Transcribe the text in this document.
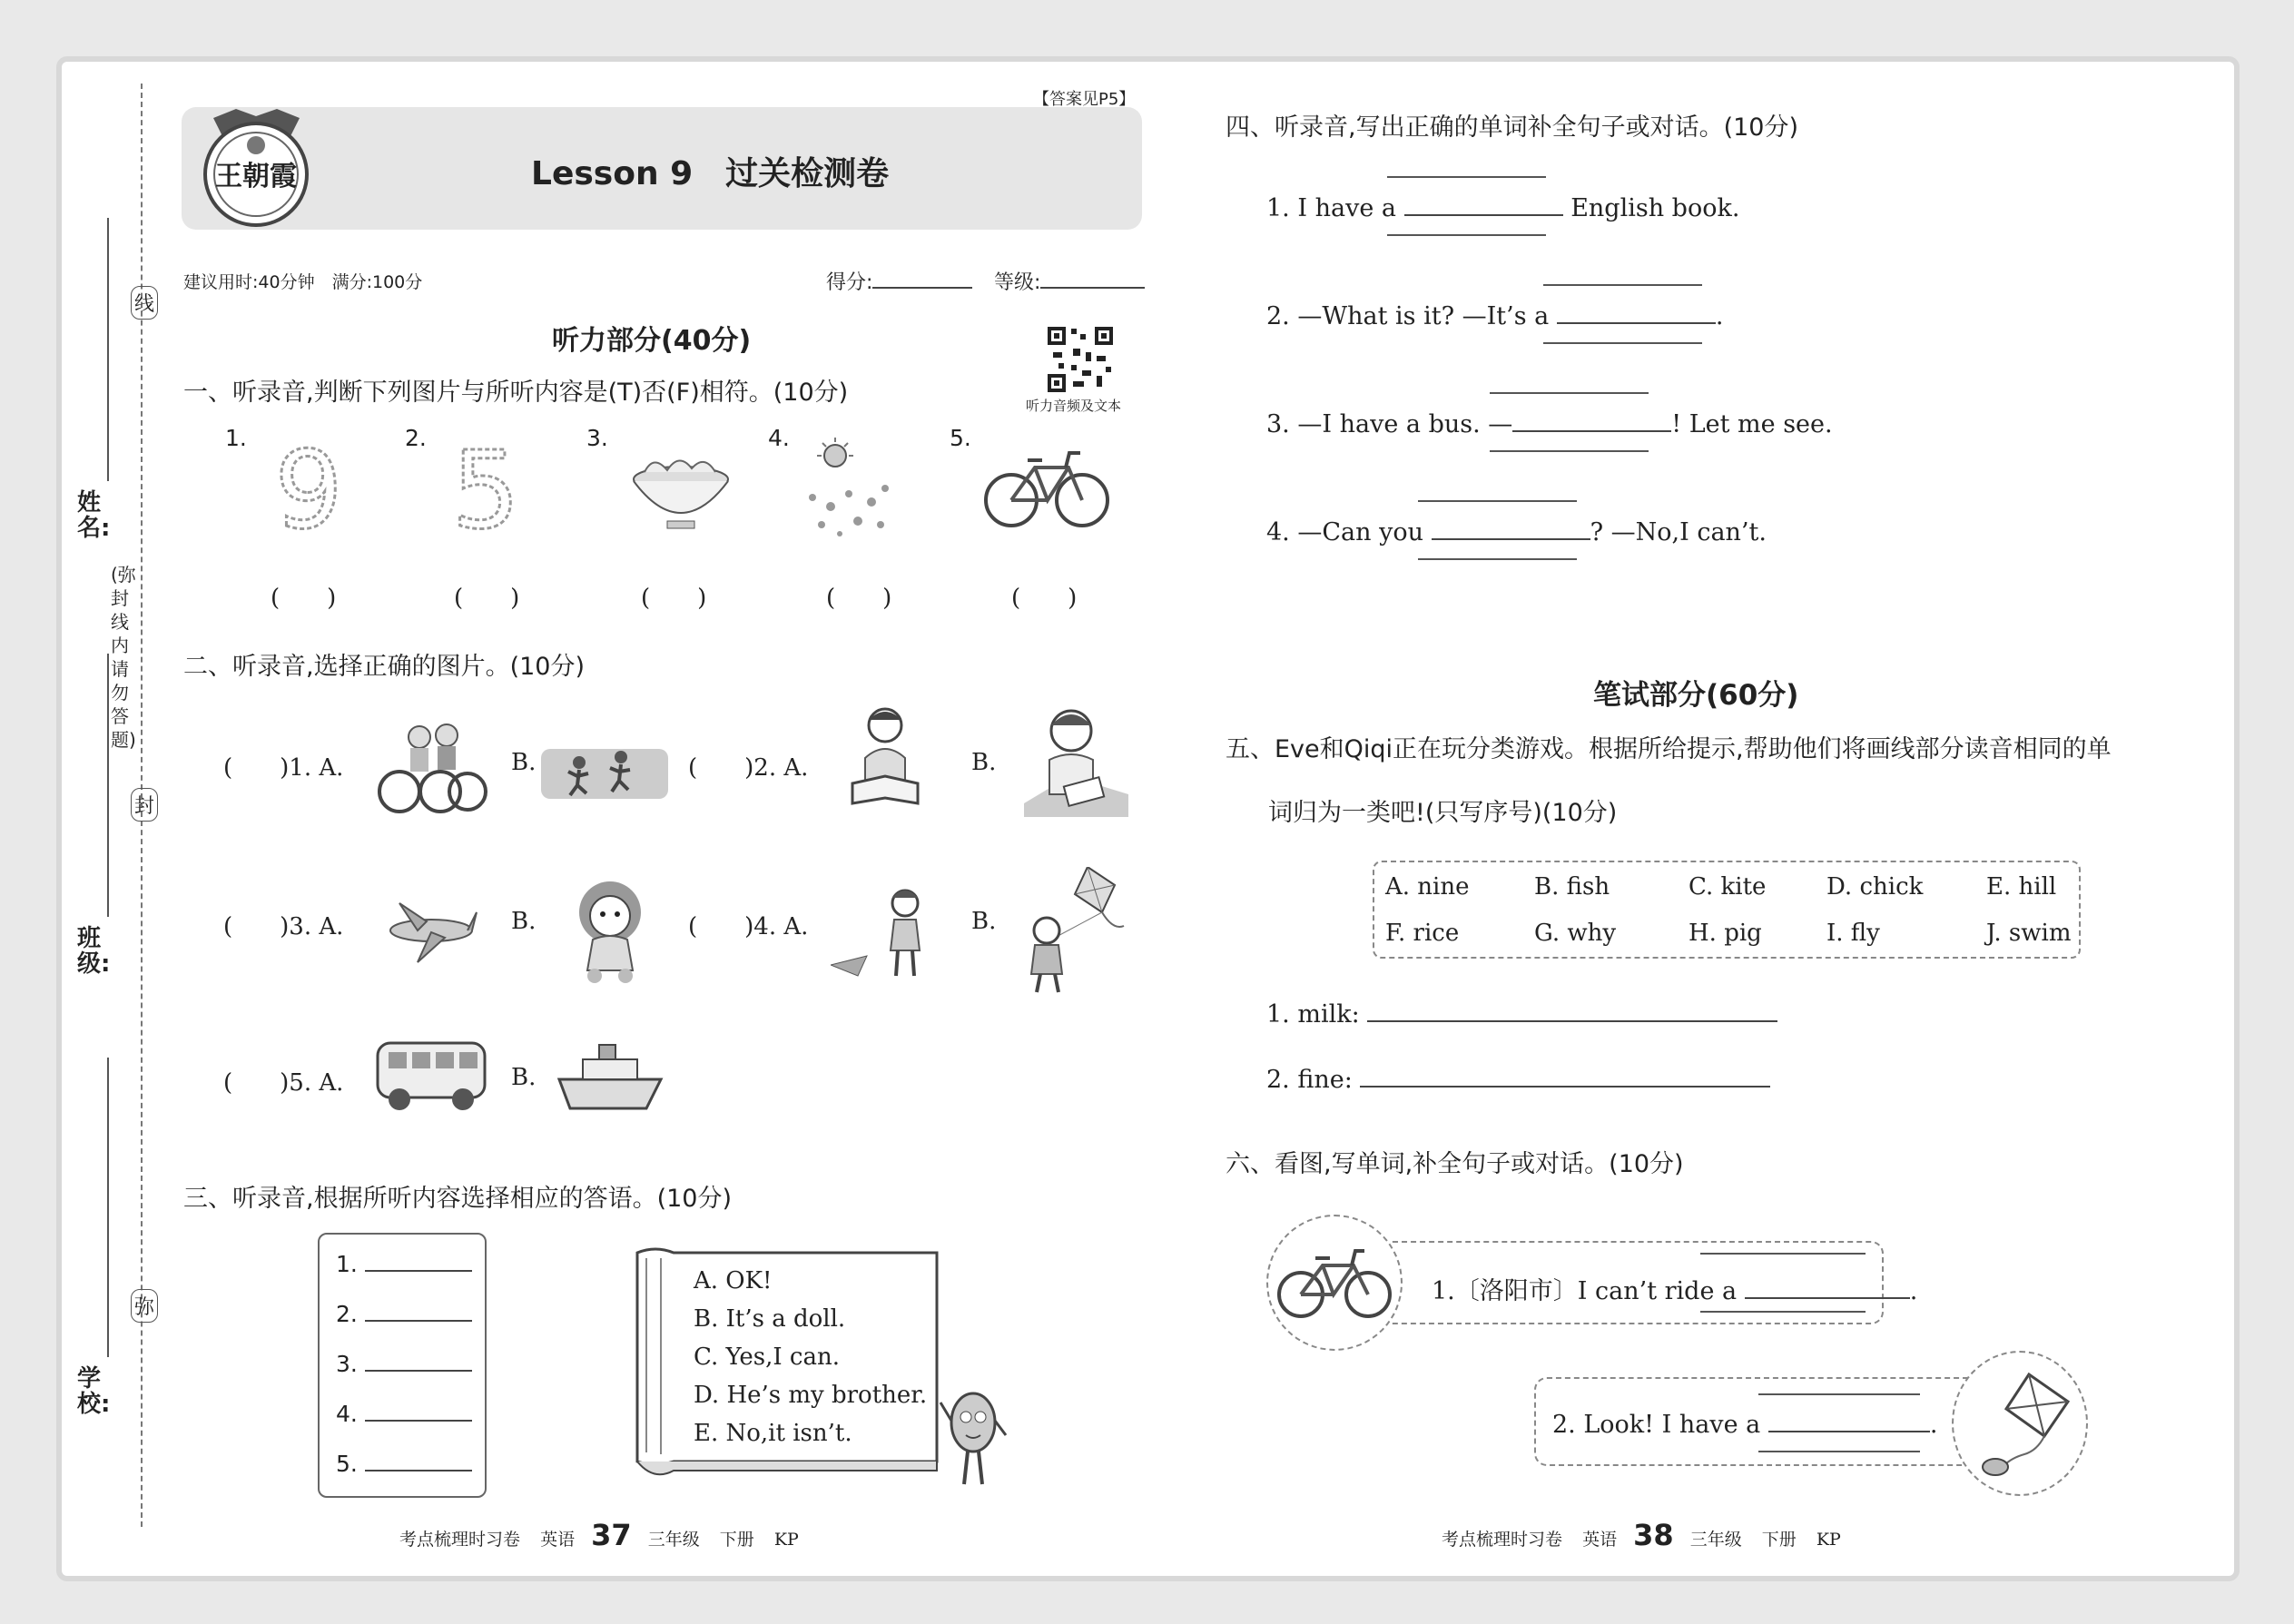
线
封
弥
(弥封线内请勿答题)
学校:
班级:
姓名:
【答案见P5】
王朝霞	Lesson 9　过关检测卷
建议用时:40分钟　满分:100分	得分:	等级:
听力部分(40分)
听力音频及文本
一、听录音,判断下列图片与所听内容是(T)否(F)相符。(10分)
1.	2.	3.	4.	5.
9 5
(　　)	(　　)	(　　)	(　　)	(　　)
二、听录音,选择正确的图片。(10分)
(　　)1. A.	B.	(　　)2. A.	B.
(　　)3. A.	B.	(　　)4. A.	B.
(　　)5. A.	B.
三、听录音,根据所听内容选择相应的答语。(10分)
1.
2.
3.
4.
5.
A. OK!
B. It’s a doll.
C. Yes,I can.
D. He’s my brother.
E. No,it isn’t.
考点梳理时习卷 英语 37 三年级 下册 KP
四、听录音,写出正确的单词补全句子或对话。(10分)
1. I have a	English book.
2. —What is it? —It’s a	.
3. —I have a bus. —	! Let me see.
4. —Can you	? —No,I can’t.
笔试部分(60分)
五、Eve和Qiqi正在玩分类游戏。根据所给提示,帮助他们将画线部分读音相同的单
词归为一类吧!(只写序号)(10分)
A. nine	B. fish	C. kite	D. chick	E. hill
F. rice	G. why	H. pig	I. fly	J. swim
1. milk:
2. fine:
六、看图,写单词,补全句子或对话。(10分)
1.〔洛阳市〕I can’t ride a	.
2. Look! I have a	.
考点梳理时习卷 英语 38 三年级 下册 KP
